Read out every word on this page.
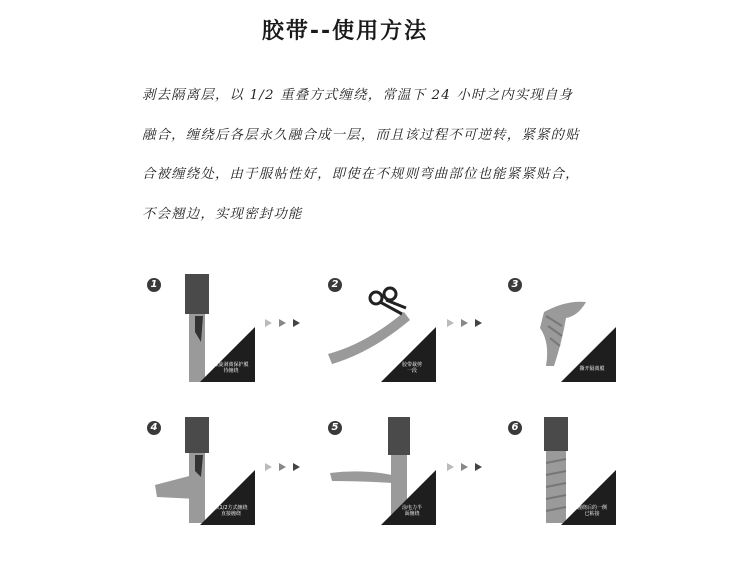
胶带--使用方法

剥去隔离层，以 1/2 重叠方式缠绕，常温下 24 小时之内实现自身

融合，缠绕后各层永久融合成一层，而且该过程不可逆转，紧紧的贴

合被缠绕处，由于服帖性好，即使在不规则弯曲部位也能紧紧贴合，

不会翘边，实现密封功能

1
螺旋剥离保护膜
待缠绕
2
胶带裁剪
一段
3
撕开隔离膜
4
以1/2方式缠绕
直接缠绕
5
涂电力半
面缠绕
6
缠绕后的一侧
已粘接
